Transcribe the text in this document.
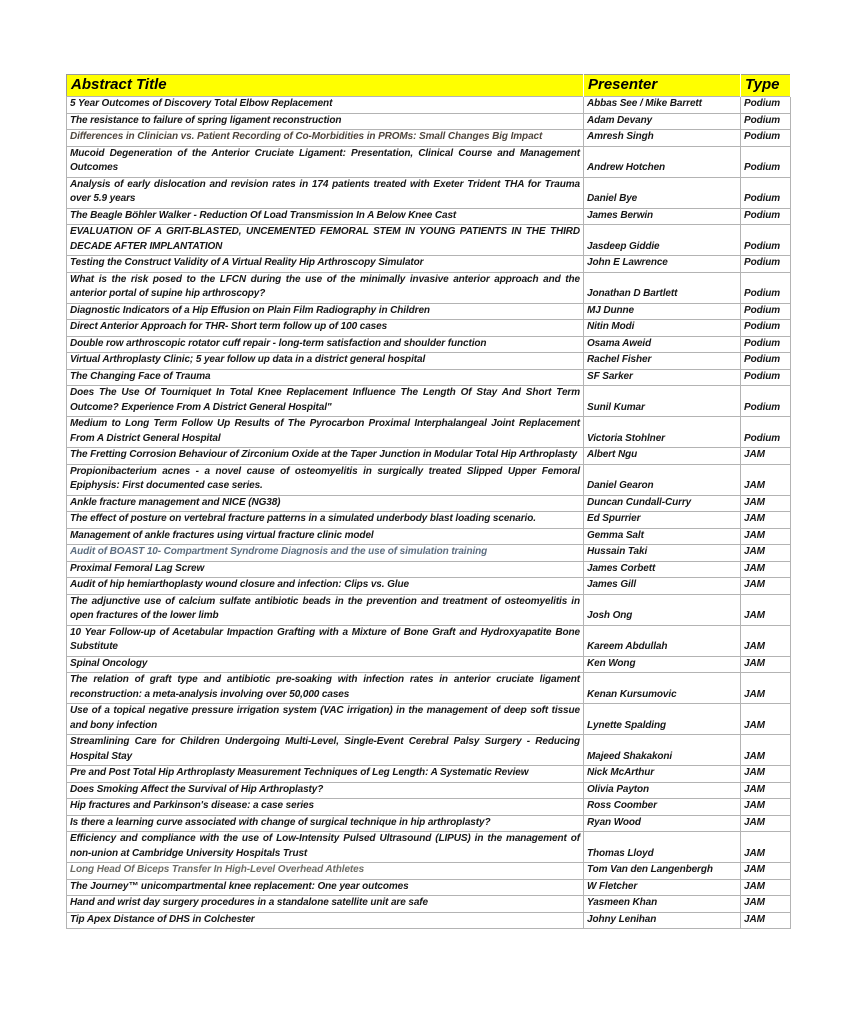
Abstract Title	Presenter	Type
5 Year Outcomes of Discovery Total Elbow Replacement	Abbas See / Mike Barrett	Podium
The resistance to failure of spring ligament reconstruction	Adam Devany	Podium
Differences in Clinician vs. Patient Recording of Co-Morbidities in PROMs: Small Changes Big Impact	Amresh Singh	Podium
Mucoid Degeneration of the Anterior Cruciate Ligament: Presentation, Clinical Course and Management Outcomes	Andrew Hotchen	Podium
Analysis of early dislocation and revision rates in 174 patients treated with Exeter Trident THA for Trauma over 5.9 years	Daniel Bye	Podium
The Beagle Böhler Walker - Reduction Of Load Transmission In A Below Knee Cast	James Berwin	Podium
EVALUATION OF A GRIT-BLASTED, UNCEMENTED FEMORAL STEM IN YOUNG PATIENTS IN THE THIRD DECADE AFTER IMPLANTATION	Jasdeep Giddie	Podium
Testing the Construct Validity of A Virtual Reality Hip Arthroscopy Simulator	John E Lawrence	Podium
What is the risk posed to the LFCN during the use of the minimally invasive anterior approach and the anterior portal of supine hip arthroscopy?	Jonathan D Bartlett	Podium
Diagnostic Indicators of a Hip Effusion on Plain Film Radiography in Children	MJ Dunne	Podium
Direct Anterior Approach for THR- Short term follow up of 100 cases	Nitin Modi	Podium
Double row arthroscopic rotator cuff repair - long-term satisfaction and shoulder function	Osama Aweid	Podium
Virtual Arthroplasty Clinic; 5 year follow up data in a district general hospital	Rachel Fisher	Podium
The Changing Face of Trauma	SF Sarker	Podium
Does The Use Of Tourniquet In Total Knee Replacement Influence The Length Of Stay And Short Term Outcome? Experience From A District General Hospital"	Sunil Kumar	Podium
Medium to Long Term Follow Up Results of The Pyrocarbon Proximal Interphalangeal Joint Replacement From A District General Hospital	Victoria Stohlner	Podium
The Fretting Corrosion Behaviour of Zirconium Oxide at the Taper Junction in Modular Total Hip Arthroplasty	Albert Ngu	JAM
Propionibacterium acnes - a novel cause of osteomyelitis in surgically treated Slipped Upper Femoral Epiphysis: First documented case series.	Daniel Gearon	JAM
Ankle fracture management and NICE (NG38)	Duncan Cundall-Curry	JAM
The effect of posture on vertebral fracture patterns in a simulated underbody blast loading scenario.	Ed Spurrier	JAM
Management of ankle fractures using virtual fracture clinic model	Gemma Salt	JAM
Audit of BOAST 10- Compartment Syndrome Diagnosis and the use of simulation training	Hussain Taki	JAM
Proximal Femoral Lag Screw	James Corbett	JAM
Audit of hip hemiarthoplasty wound closure and infection: Clips vs. Glue	James Gill	JAM
The adjunctive use of calcium sulfate antibiotic beads in the prevention and treatment of osteomyelitis in open fractures of the lower limb	Josh Ong	JAM
10 Year Follow-up of Acetabular Impaction Grafting with a Mixture of Bone Graft and Hydroxyapatite Bone Substitute	Kareem Abdullah	JAM
Spinal Oncology	Ken Wong	JAM
The relation of graft type and antibiotic pre-soaking with infection rates in anterior cruciate ligament reconstruction: a meta-analysis involving over 50,000 cases	Kenan Kursumovic	JAM
Use of a topical negative pressure irrigation system (VAC irrigation) in the management of deep soft tissue and bony infection	Lynette Spalding	JAM
Streamlining Care for Children Undergoing Multi-Level, Single-Event Cerebral Palsy Surgery - Reducing Hospital Stay	Majeed Shakakoni	JAM
Pre and Post Total Hip Arthroplasty Measurement Techniques of Leg Length: A Systematic Review	Nick McArthur	JAM
Does Smoking Affect the Survival of Hip Arthroplasty?	Olivia Payton	JAM
Hip fractures and Parkinson's disease: a case series	Ross Coomber	JAM
Is there a learning curve associated with change of surgical technique in hip arthroplasty?	Ryan Wood	JAM
Efficiency and compliance with the use of Low-Intensity Pulsed Ultrasound (LIPUS) in the management of non-union at Cambridge University Hospitals Trust	Thomas Lloyd	JAM
Long Head Of Biceps Transfer In High-Level Overhead Athletes	Tom Van den Langenbergh	JAM
The Journey™ unicompartmental knee replacement: One year outcomes	W Fletcher	JAM
Hand and wrist day surgery procedures in a standalone satellite unit are safe	Yasmeen Khan	JAM
Tip Apex Distance of DHS in Colchester	Johny Lenihan	JAM
